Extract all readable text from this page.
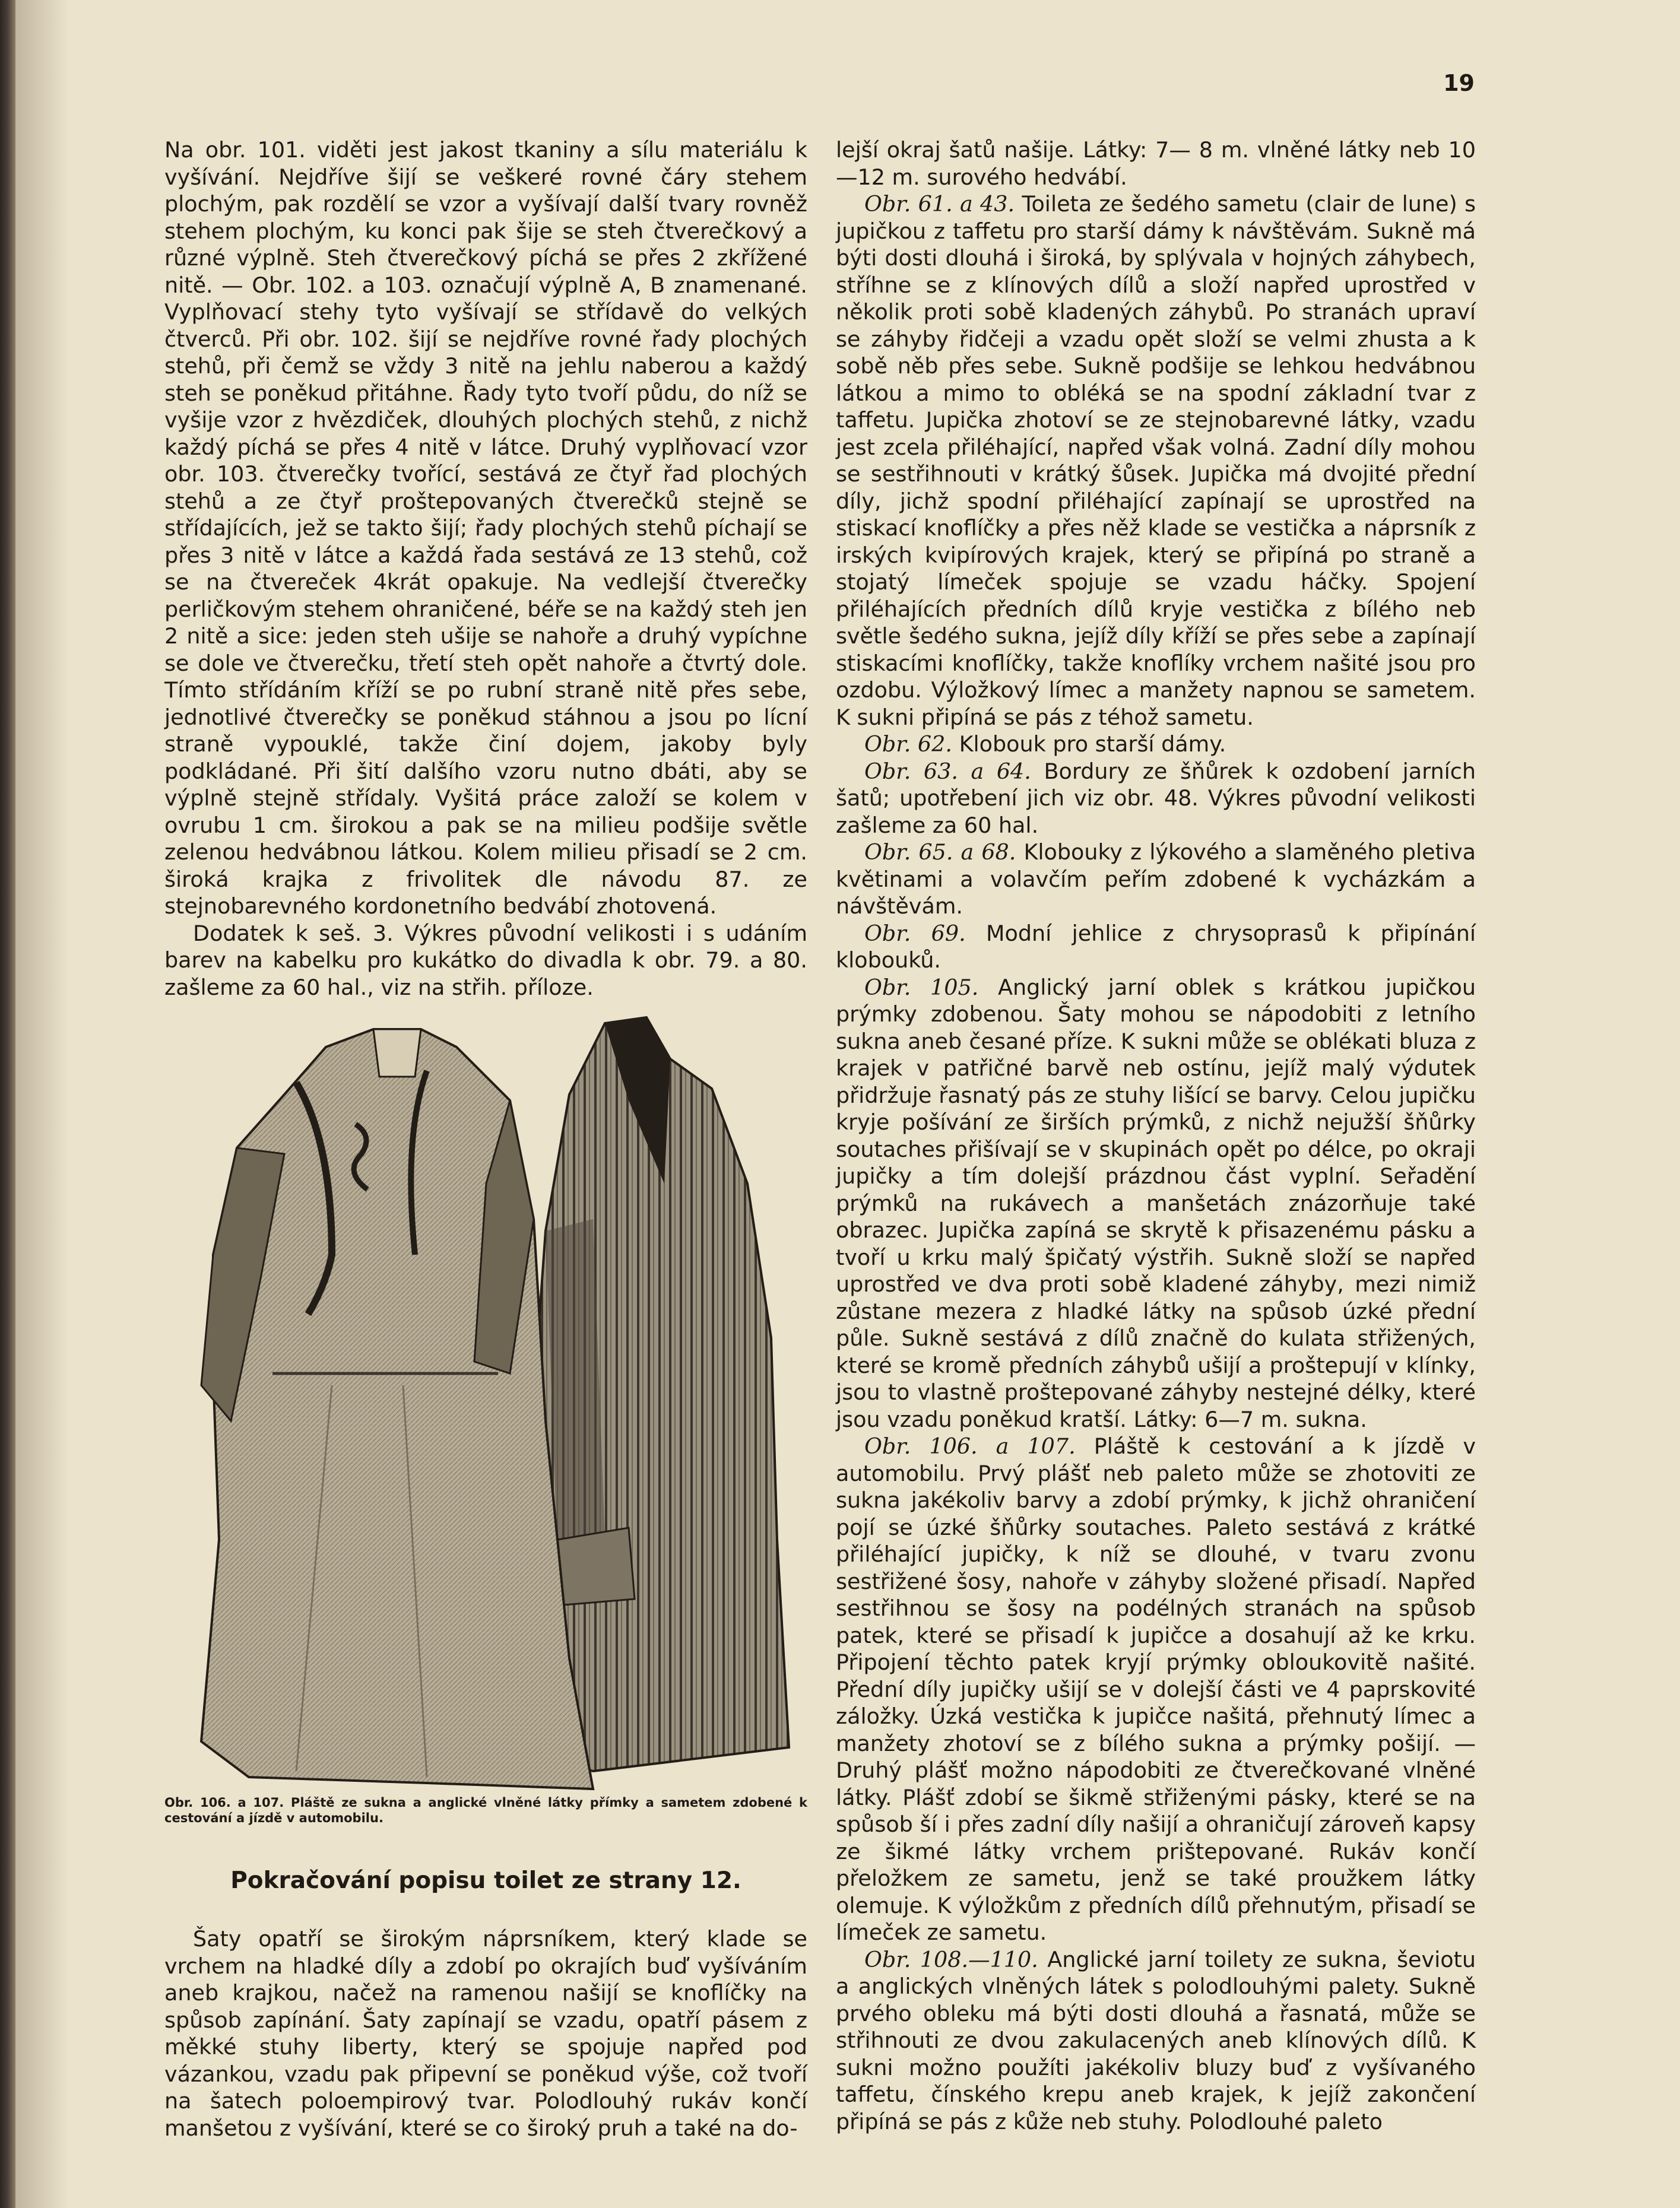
19

Na obr. 101. viděti jest jakost tkaniny a sílu materiálu k vyšívání. Nejdříve šijí se veškeré rovné čáry stehem plochým, pak rozdělí se vzor a vyšívají další tvary rovněž stehem plochým, ku konci pak šije se steh čtverečkový a různé výplně. Steh čtverečkový píchá se přes 2 zkřížené nitě. — Obr. 102. a 103. označují výplně A, B znamenané. Vyplňovací stehy tyto vyšívají se střídavě do velkých čtverců. Při obr. 102. šijí se nejdříve rovné řady plochých stehů, při čemž se vždy 3 nitě na jehlu naberou a každý steh se poněkud přitáhne. Řady tyto tvoří půdu, do níž se vyšije vzor z hvězdiček, dlouhých plochých stehů, z nichž každý píchá se přes 4 nitě v látce. Druhý vyplňovací vzor obr. 103. čtverečky tvořící, sestává ze čtyř řad plochých stehů a ze čtyř proštepovaných čtverečků stejně se střídajících, jež se takto šijí; řady plochých stehů píchají se přes 3 nitě v látce a každá řada sestává ze 13 stehů, což se na čtvereček 4krát opakuje. Na vedlejší čtverečky perličkovým stehem ohraničené, béře se na každý steh jen 2 nitě a sice: jeden steh ušije se nahoře a druhý vypíchne se dole ve čtverečku, třetí steh opět nahoře a čtvrtý dole. Tímto střídáním kříží se po rubní straně nitě přes sebe, jednotlivé čtverečky se poněkud stáhnou a jsou po lícní straně vypouklé, takže činí dojem, jakoby byly podkládané. Při šití dalšího vzoru nutno dbáti, aby se výplně stejně střídaly. Vyšitá práce založí se kolem v ovrubu 1 cm. širokou a pak se na milieu podšije světle zelenou hedvábnou látkou. Kolem milieu přisadí se 2 cm. široká krajka z frivolitek dle návodu 87. ze stejnobarevného kordonetního bedvábí zhotovená.

Dodatek k seš. 3. Výkres původní velikosti i s udáním barev na kabelku pro kukátko do divadla k obr. 79. a 80. zašleme za 60 hal., viz na střih. příloze.

Obr. 106. a 107. Pláště ze sukna a anglické vlněné látky přímky a sametem zdobené k cestování a jízdě v automobilu.

Pokračování popisu toilet ze strany 12.

Šaty opatří se širokým náprsníkem, který klade se vrchem na hladké díly a zdobí po okrajích buď vyšíváním aneb krajkou, načež na ramenou našijí se knoflíčky na spůsob zapínání. Šaty zapínají se vzadu, opatří pásem z měkké stuhy liberty, který se spojuje napřed pod vázankou, vzadu pak připevní se poněkud výše, což tvoří na šatech poloempirový tvar. Polodlouhý rukáv končí manšetou z vyšívání, které se co široký pruh a také na do-

lejší okraj šatů našije. Látky: 7— 8 m. vlněné látky neb 10—12 m. surového hedvábí.

Obr. 61. a 43. Toileta ze šedého sametu (clair de lune) s jupičkou z taffetu pro starší dámy k návštěvám. Sukně má býti dosti dlouhá i široká, by splývala v hojných záhybech, stříhne se z klínových dílů a složí napřed uprostřed v několik proti sobě kladených záhybů. Po stranách upraví se záhyby řidčeji a vzadu opět složí se velmi zhusta a k sobě něb přes sebe. Sukně podšije se lehkou hedvábnou látkou a mimo to obléká se na spodní základní tvar z taffetu. Jupička zhotoví se ze stejnobarevné látky, vzadu jest zcela přiléhající, napřed však volná. Zadní díly mohou se sestřihnouti v krátký šůsek. Jupička má dvojité přední díly, jichž spodní přiléhající zapínají se uprostřed na stiskací knoflíčky a přes něž klade se vestička a náprsník z irských kvipírových krajek, který se připíná po straně a stojatý límeček spojuje se vzadu háčky. Spojení přiléhajících předních dílů kryje vestička z bílého neb světle šedého sukna, jejíž díly kříží se přes sebe a zapínají stiskacími knoflíčky, takže knoflíky vrchem našité jsou pro ozdobu. Výložkový límec a manžety napnou se sametem. K sukni připíná se pás z téhož sametu.

Obr. 62. Klobouk pro starší dámy.

Obr. 63. a 64. Bordury ze šňůrek k ozdobení jarních šatů; upotřebení jich viz obr. 48. Výkres původní velikosti zašleme za 60 hal.

Obr. 65. a 68. Klobouky z lýkového a slaměného pletiva květinami a volavčím peřím zdobené k vycházkám a návštěvám.

Obr. 69. Modní jehlice z chrysoprasů k připínání klobouků.

Obr. 105. Anglický jarní oblek s krátkou jupičkou prýmky zdobenou. Šaty mohou se nápodobiti z letního sukna aneb česané příze. K sukni může se oblékati bluza z krajek v patřičné barvě neb ostínu, jejíž malý výdutek přidržuje řasnatý pás ze stuhy lišící se barvy. Celou jupičku kryje pošívání ze širších prýmků, z nichž nejužší šňůrky soutaches přišívají se v skupinách opět po délce, po okraji jupičky a tím dolejší prázdnou část vyplní. Seřadění prýmků na rukávech a manšetách znázorňuje také obrazec. Jupička zapíná se skrytě k přisazenému pásku a tvoří u krku malý špičatý výstřih. Sukně složí se napřed uprostřed ve dva proti sobě kladené záhyby, mezi nimiž zůstane mezera z hladké látky na spůsob úzké přední půle. Sukně sestává z dílů značně do kulata střižených, které se kromě předních záhybů ušijí a proštepují v klínky, jsou to vlastně proštepované záhyby nestejné délky, které jsou vzadu poněkud kratší. Látky: 6—7 m. sukna.

Obr. 106. a 107. Pláště k cestování a k jízdě v automobilu. Prvý plášť neb paleto může se zhotoviti ze sukna jakékoliv barvy a zdobí prýmky, k jichž ohraničení pojí se úzké šňůrky soutaches. Paleto sestává z krátké přiléhající jupičky, k níž se dlouhé, v tvaru zvonu sestřižené šosy, nahoře v záhyby složené přisadí. Napřed sestřihnou se šosy na podélných stranách na spůsob patek, které se přisadí k jupičce a dosahují až ke krku. Připojení těchto patek kryjí prýmky obloukovitě našité. Přední díly jupičky ušijí se v dolejší části ve 4 paprskovité záložky. Úzká vestička k jupičce našitá, přehnutý límec a manžety zhotoví se z bílého sukna a prýmky pošijí. — Druhý plášť možno nápodobiti ze čtverečkované vlněné látky. Plášť zdobí se šikmě střiženými pásky, které se na spůsob ší i přes zadní díly našijí a ohraničují zároveň kapsy ze šikmé látky vrchem prištepované. Rukáv končí přeložkem ze sametu, jenž se také proužkem látky olemuje. K výložkům z předních dílů přehnutým, přisadí se límeček ze sametu.

Obr. 108.—110. Anglické jarní toilety ze sukna, ševiotu a anglických vlněných látek s polodlouhými palety. Sukně prvého obleku má býti dosti dlouhá a řasnatá, může se střihnouti ze dvou zakulacených aneb klínových dílů. K sukni možno použíti jakékoliv bluzy buď z vyšívaného taffetu, čínského krepu aneb krajek, k jejíž zakončení připíná se pás z kůže neb stuhy. Polodlouhé paleto
